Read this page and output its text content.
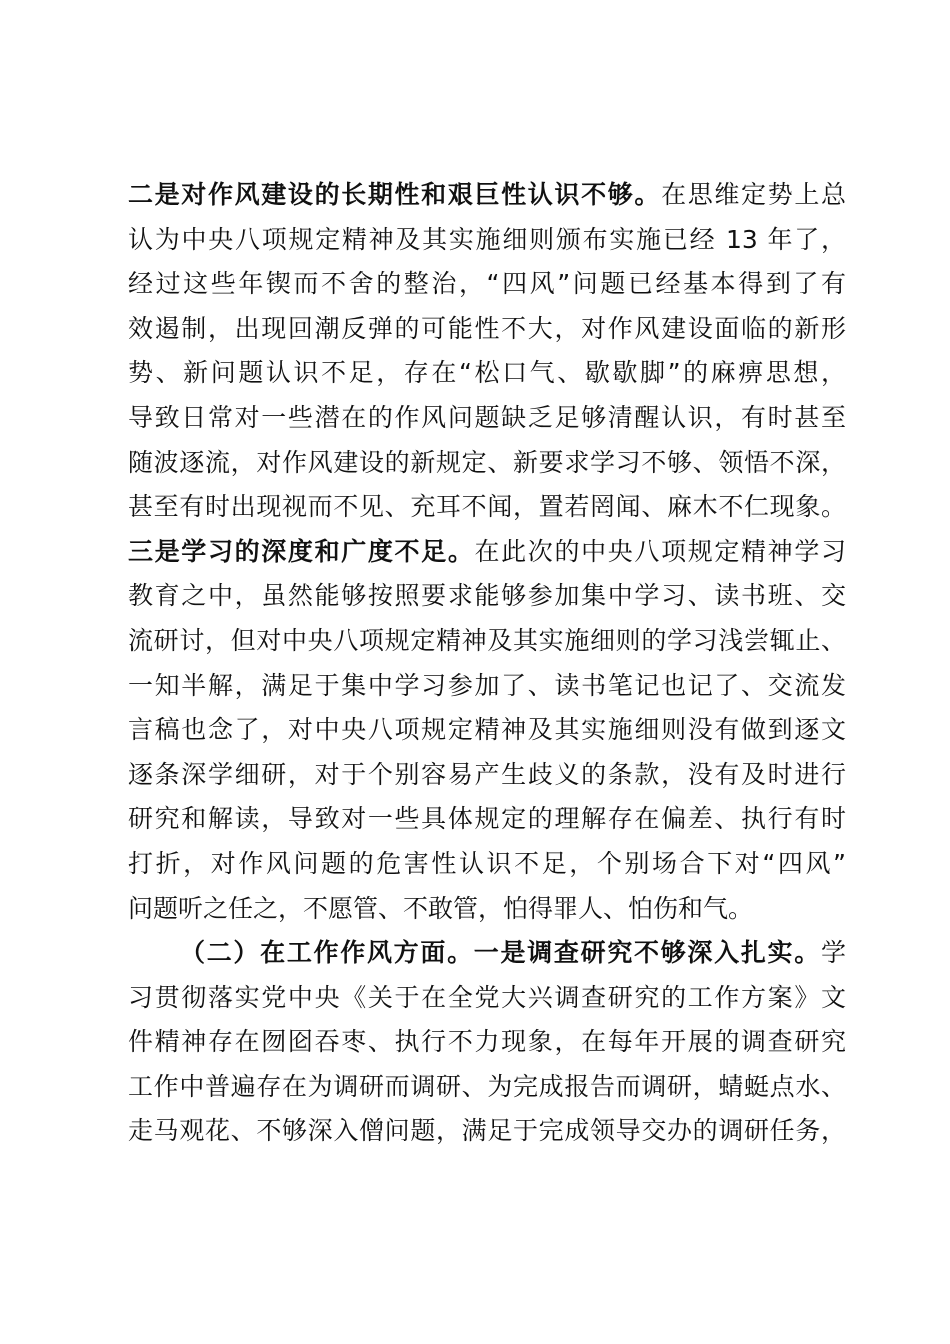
二是对作风建设的长期性和艰巨性认识不够。在思维定势上总
认为中央八项规定精神及其实施细则颁布实施已经 13 年了，
经过这些年锲而不舍的整治，“四风”问题已经基本得到了有
效遏制，出现回潮反弹的可能性不大，对作风建设面临的新形
势、新问题认识不足，存在“松口气、歇歇脚”的麻痹思想，
导致日常对一些潜在的作风问题缺乏足够清醒认识，有时甚至
随波逐流，对作风建设的新规定、新要求学习不够、领悟不深，
甚至有时出现视而不见、充耳不闻，置若罔闻、麻木不仁现象。
三是学习的深度和广度不足。在此次的中央八项规定精神学习
教育之中，虽然能够按照要求能够参加集中学习、读书班、交
流研讨，但对中央八项规定精神及其实施细则的学习浅尝辄止、
一知半解，满足于集中学习参加了、读书笔记也记了、交流发
言稿也念了，对中央八项规定精神及其实施细则没有做到逐文
逐条深学细研，对于个别容易产生歧义的条款，没有及时进行
研究和解读，导致对一些具体规定的理解存在偏差、执行有时
打折，对作风问题的危害性认识不足，个别场合下对“四风”
问题听之任之，不愿管、不敢管，怕得罪人、怕伤和气。
（二）在工作作风方面。一是调查研究不够深入扎实。学
习贯彻落实党中央《关于在全党大兴调查研究的工作方案》文
件精神存在囫囵吞枣、执行不力现象，在每年开展的调查研究
工作中普遍存在为调研而调研、为完成报告而调研，蜻蜓点水、
走马观花、不够深入僧问题，满足于完成领导交办的调研任务，
